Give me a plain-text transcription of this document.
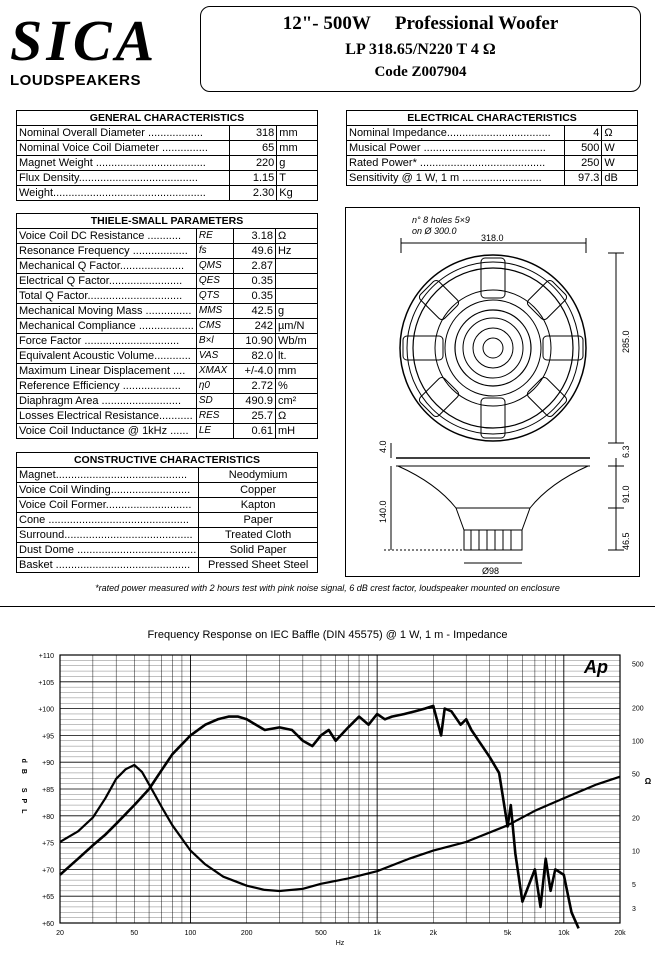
SICA
LOUDSPEAKERS
12"- 500W Professional Woofer
LP 318.65/N220 T 4 Ω
Code Z007904
GENERAL CHARACTERISTICS		
Nominal Overall Diameter ..................	318	mm
Nominal Voice Coil Diameter ...............	65	mm
Magnet Weight ....................................	220	g
Flux Density.......................................	1.15	T
Weight..................................................	2.30	Kg
ELECTRICAL CHARACTERISTICS		
Nominal Impedance..................................	4	Ω
Musical Power ........................................	500	W
Rated Power* .........................................	250	W
Sensitivity @ 1 W, 1 m ..........................	97.3	dB
THIELE-SMALL PARAMETERS			
Voice Coil DC Resistance ...........	RE	3.18	Ω
Resonance Frequency ..................	fs	49.6	Hz
Mechanical Q Factor.....................	QMS	2.87	
Electrical Q Factor........................	QES	0.35	
Total Q Factor...............................	QTS	0.35	
Mechanical Moving Mass ...............	MMS	42.5	g
Mechanical Compliance ..................	CMS	242	µm/N
Force Factor ...............................	B×l	10.90	Wb/m
Equivalent Acoustic Volume............	VAS	82.0	lt.
Maximum Linear Displacement ....	XMAX	+/-4.0	mm
Reference Efficiency ...................	η0	2.72	%
Diaphragm Area ..........................	SD	490.9	cm²
Losses Electrical Resistance...........	RES	25.7	Ω
Voice Coil Inductance @ 1kHz ......	LE	0.61	mH
CONSTRUCTIVE CHARACTERISTICS	
Magnet...........................................	Neodymium
Voice Coil Winding..........................	Copper
Voice Coil Former............................	Kapton
Cone ..............................................	Paper
Surround..........................................	Treated Cloth
Dust Dome .......................................	Solid Paper
Basket ............................................	Pressed Sheet Steel
n° 8 holes 5×9
on Ø 300.0
318.0
285.0
4.0	6.3
91.0
140.0
46.5
Ø98
*rated power measured with 2 hours test with pink noise signal, 6 dB crest factor, loudspeaker mounted on enclosure
Frequency Response on IEC Baffle (DIN 45575) @ 1 W, 1 m - Impedance
+60
+65
+70
+75
+80
+85
+90
+95
+100
+105
+110
20	50	100	200	500	1k	2k	5k	10k	20k
3
5
10
20
50
100
200
500
Hz
dB SPL	Ω
Ap
